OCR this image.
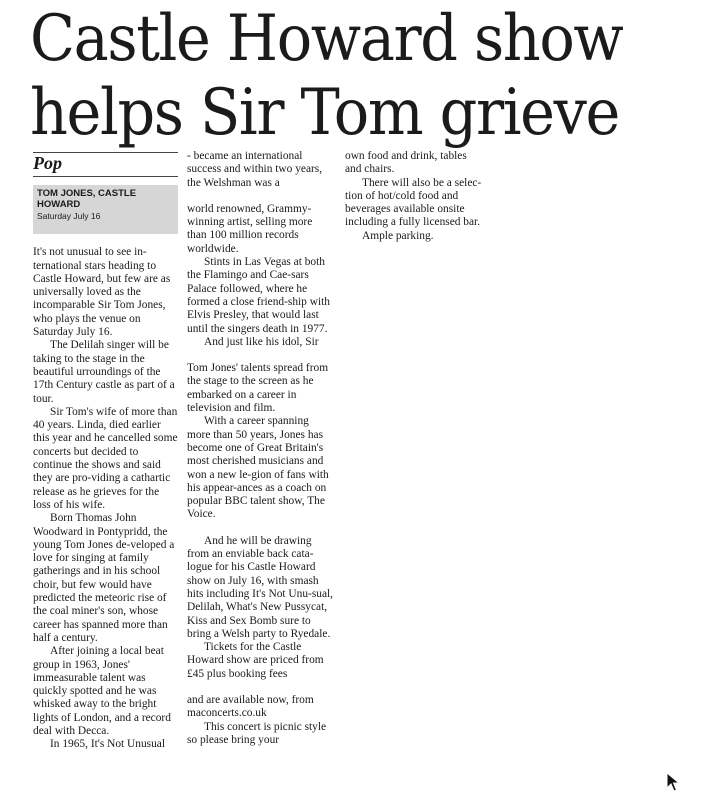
Castle Howard show
helps Sir Tom grieve
Pop
TOM JONES, CASTLE HOWARD
Saturday July 16

It's not unusual to see in-ternational stars heading to Castle Howard, but few are as universally loved as the incomparable Sir Tom Jones, who plays the venue on Saturday July 16.

The Delilah singer will be taking to the stage in the beautiful urroundings of the 17th Century castle as part of a tour.

Sir Tom's wife of more than 40 years. Linda, died earlier this year and he cancelled some concerts but decided to continue the shows and said they are pro-viding a cathartic release as he grieves for the loss of his wife.

Born Thomas John Woodward in Pontypridd, the young Tom Jones de-veloped a love for singing at family gatherings and in his school choir, but few would have predicted the meteoric rise of the coal miner's son, whose career has spanned more than half a century.

After joining a local beat group in 1963, Jones' immeasurable talent was quickly spotted and he was whisked away to the bright lights of London, and a record deal with Decca.

In 1965, It's Not Unusual

- became an international success and within two years, the Welshman was a

world renowned, Grammy-winning artist, selling more than 100 million records worldwide.

Stints in Las Vegas at both the Flamingo and Cae-sars Palace followed, where he formed a close friend-ship with Elvis Presley, that would last until the singers death in 1977.

And just like his idol, Sir

Tom Jones' talents spread from the stage to the screen as he embarked on a career in television and film.

With a career spanning more than 50 years, Jones has become one of Great Britain's most cherished musicians and won a new le-gion of fans with his appear-ances as a coach on popular BBC talent show, The Voice.

And he will be drawing from an enviable back cata-logue for his Castle Howard show on July 16, with smash hits including It's Not Unu-sual, Delilah, What's New Pussycat, Kiss and Sex Bomb sure to bring a Welsh party to Ryedale.

Tickets for the Castle Howard show are priced from £45 plus booking fees

and are available now, from maconcerts.co.uk

This concert is picnic style so please bring your

own food and drink, tables and chairs.

There will also be a selec-tion of hot/cold food and beverages available onsite including a fully licensed bar.

Ample parking.
